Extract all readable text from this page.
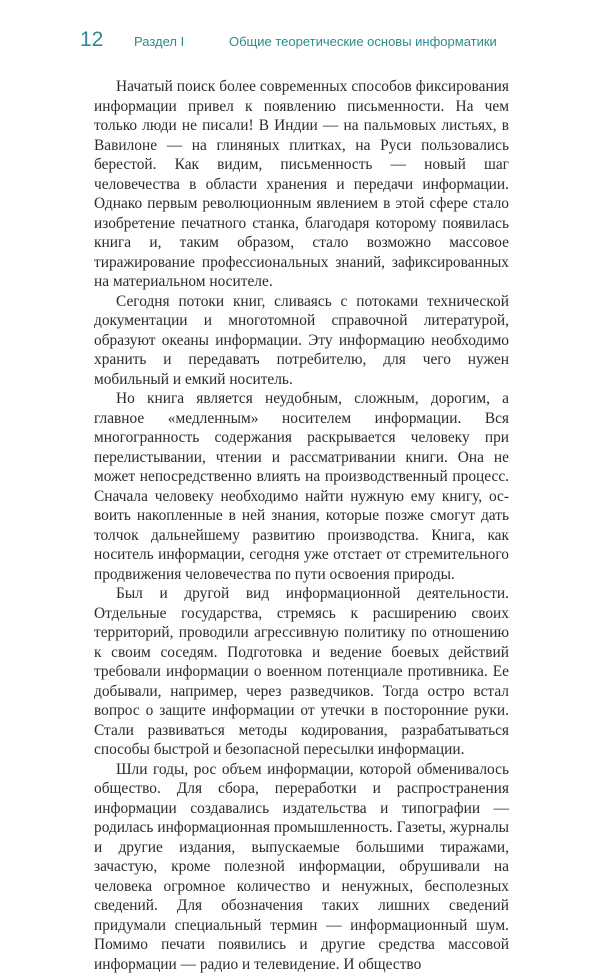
12 Раздел I	Общие теоретические основы информатики

Начатый поиск более современных способов фиксирования информации привел к появлению письменности. На чем только люди не писали! В Индии — на пальмовых листьях, в Вавилоне — на глиняных плитках, на Руси пользовались берестой. Как видим, письменность — новый шаг человечества в области хранения и передачи информации. Однако первым революционным явлением в этой сфере стало изобретение печатного станка, благодаря которому появилась книга и, таким образом, стало возможно массовое тиражирование профессиональных знаний, зафиксированных на материальном носителе.

Сегодня потоки книг, сливаясь с потоками технической документации и многотомной справочной литературой, образуют океаны информации. Эту информацию необходимо хранить и передавать потребителю, для чего нужен мобильный и емкий носитель.

Но книга является неудобным, сложным, дорогим, а главное «медленным» носителем информации. Вся многогранность содержания раскрывается человеку при перелистывании, чтении и рассматривании книги. Она не может непосредственно влиять на производственный процесс. Сначала человеку необходимо найти нужную ему книгу, освоить накопленные в ней знания, которые позже смогут дать толчок дальнейшему развитию производства. Книга, как носитель информации, сегодня уже отстает от стремительного продвижения человечества по пути освоения природы.

Был и другой вид информационной деятельности. Отдельные государства, стремясь к расширению своих территорий, проводили агрессивную политику по отношению к своим соседям. Подготовка и ведение боевых действий требовали информации о военном потенциале противника. Ее добывали, например, через разведчиков. Тогда остро встал вопрос о защите информации от утечки в посторонние руки. Стали развиваться методы кодирования, разрабатываться способы быстрой и безопасной пересылки информации.

Шли годы, рос объем информации, которой обменивалось общество. Для сбора, переработки и распространения информации создавались издательства и типографии — родилась информационная промышленность. Газеты, журналы и другие издания, выпускаемые большими тиражами, зачастую, кроме полезной информации, обрушивали на человека огромное количество и ненужных, бесполезных сведений. Для обозначения таких лишних сведений придумали специальный термин — информационный шум. Помимо печати появились и другие средства массовой информации — радио и телевидение. И общество
